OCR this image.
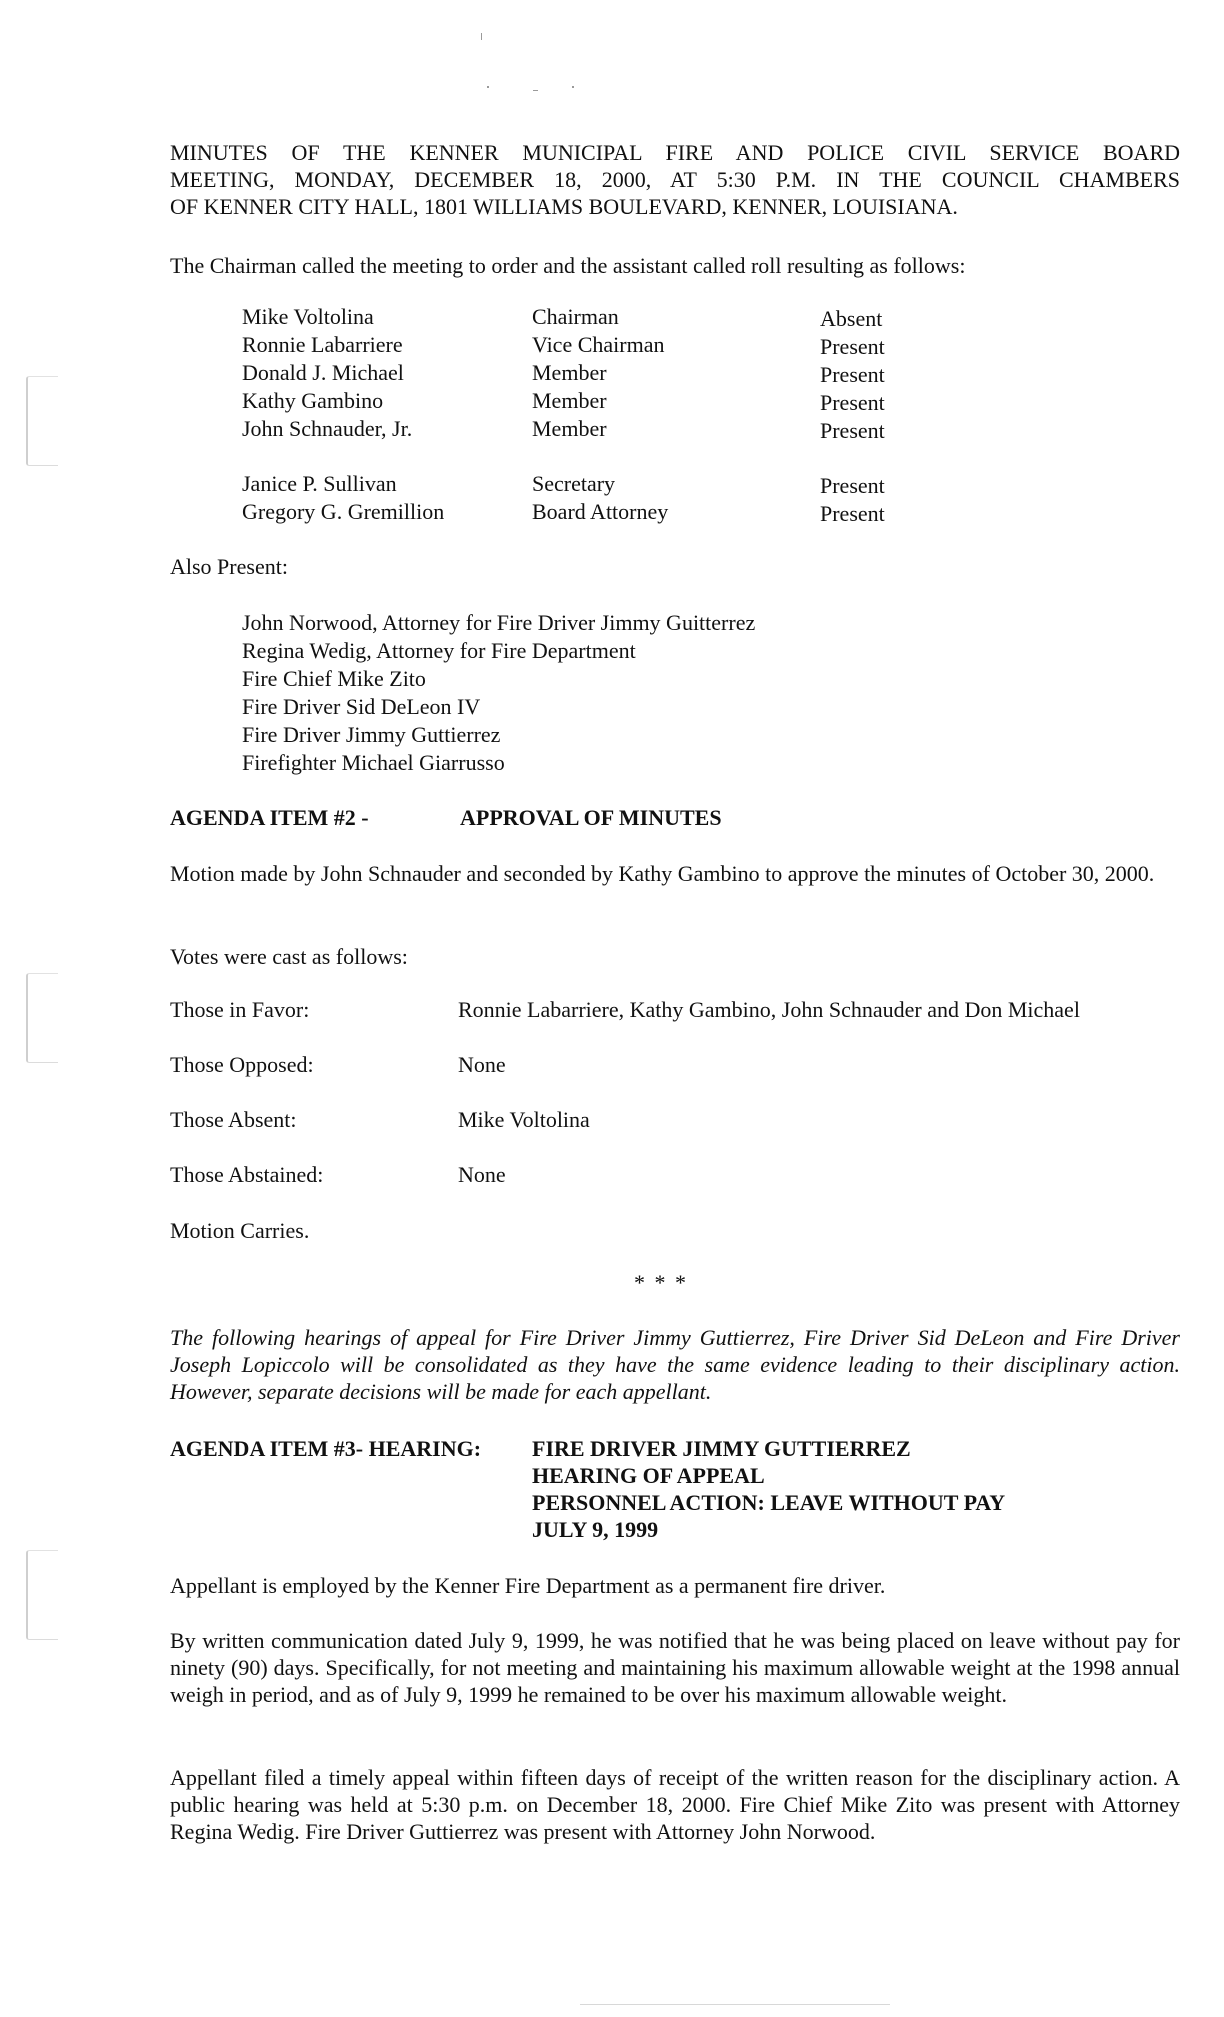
MINUTES OF THE KENNER MUNICIPAL FIRE AND POLICE CIVIL SERVICE BOARD
MEETING, MONDAY, DECEMBER 18, 2000, AT 5:30 P.M. IN THE COUNCIL CHAMBERS
OF KENNER CITY HALL, 1801 WILLIAMS BOULEVARD, KENNER, LOUISIANA.

The Chairman called the meeting to order and the assistant called roll resulting as follows:

Mike Voltolina	Chairman	Absent
Ronnie Labarriere	Vice Chairman	Present
Donald J. Michael	Member	Present
Kathy Gambino	Member	Present
John Schnauder, Jr.	Member	Present
Janice P. Sullivan	Secretary	Present
Gregory G. Gremillion	Board Attorney	Present

Also Present:

John Norwood, Attorney for Fire Driver Jimmy Guitterrez
Regina Wedig, Attorney for Fire Department
Fire Chief Mike Zito
Fire Driver Sid DeLeon IV
Fire Driver Jimmy Guttierrez
Firefighter Michael Giarrusso
AGENDA ITEM #2 -	APPROVAL OF MINUTES

Motion made by John Schnauder and seconded by Kathy Gambino to approve the minutes of October 30, 2000.

Votes were cast as follows:

Those in Favor:	Ronnie Labarriere, Kathy Gambino, John Schnauder and Don Michael
Those Opposed:	None
Those Absent:	Mike Voltolina
Those Abstained:	None

Motion Carries.

* * *

The following hearings of appeal for Fire Driver Jimmy Guttierrez, Fire Driver Sid DeLeon and Fire Driver Joseph Lopiccolo will be consolidated as they have the same evidence leading to their disciplinary action. However, separate decisions will be made for each appellant.

AGENDA ITEM #3- HEARING: FIRE DRIVER JIMMY GUTTIERREZ
HEARING OF APPEAL
PERSONNEL ACTION: LEAVE WITHOUT PAY
JULY 9, 1999

Appellant is employed by the Kenner Fire Department as a permanent fire driver.

By written communication dated July 9, 1999, he was notified that he was being placed on leave without pay for ninety (90) days. Specifically, for not meeting and maintaining his maximum allowable weight at the 1998 annual weigh in period, and as of July 9, 1999 he remained to be over his maximum allowable weight.

Appellant filed a timely appeal within fifteen days of receipt of the written reason for the disciplinary action. A public hearing was held at 5:30 p.m. on December 18, 2000. Fire Chief Mike Zito was present with Attorney Regina Wedig. Fire Driver Guttierrez was present with Attorney John Norwood.
